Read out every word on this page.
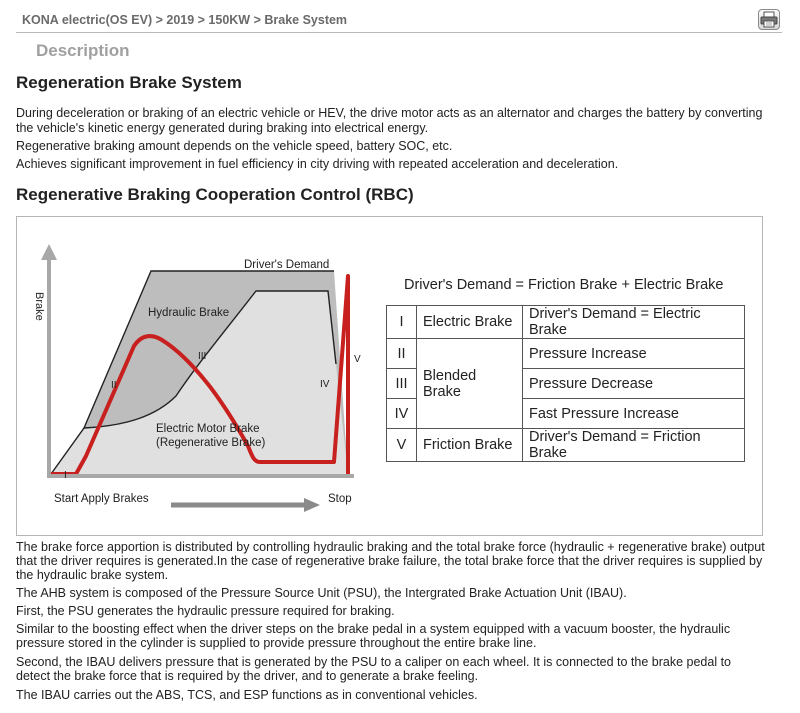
KONA electric(OS EV) > 2019 > 150KW > Brake System
Description
Regeneration Brake System
During deceleration or braking of an electric vehicle or HEV, the drive motor acts as an alternator and charges the battery by converting
the vehicle's kinetic energy generated during braking into electrical energy.
Regenerative braking amount depends on the vehicle speed, battery SOC, etc.
Achieves significant improvement in fuel efficiency in city driving with repeated acceleration and deceleration.
Regenerative Braking Cooperation Control (RBC)
Brake
Driver's Demand
Hydraulic Brake
Electric Motor Brake
(Regenerative Brake)
I
II
III
IV
V
Start Apply Brakes	Stop
Driver's Demand = Friction Brake + Electric Brake
I	Electric Brake	Driver's Demand = Electric Brake
II	Blended Brake	Pressure Increase
III		Pressure Decrease
IV		Fast Pressure Increase
V	Friction Brake	Driver's Demand = Friction Brake
The brake force apportion is distributed by controlling hydraulic braking and the total brake force (hydraulic + regenerative brake) output
that the driver requires is generated.In the case of regenerative brake failure, the total brake force that the driver requires is supplied by
the hydraulic brake system.
The AHB system is composed of the Pressure Source Unit (PSU), the Intergrated Brake Actuation Unit (IBAU).
First, the PSU generates the hydraulic pressure required for braking.
Similar to the boosting effect when the driver steps on the brake pedal in a system equipped with a vacuum booster, the hydraulic
pressure stored in the cylinder is supplied to provide pressure throughout the entire brake line.
Second, the IBAU delivers pressure that is generated by the PSU to a caliper on each wheel. It is connected to the brake pedal to
detect the brake force that is required by the driver, and to generate a brake feeling.
The IBAU carries out the ABS, TCS, and ESP functions as in conventional vehicles.
